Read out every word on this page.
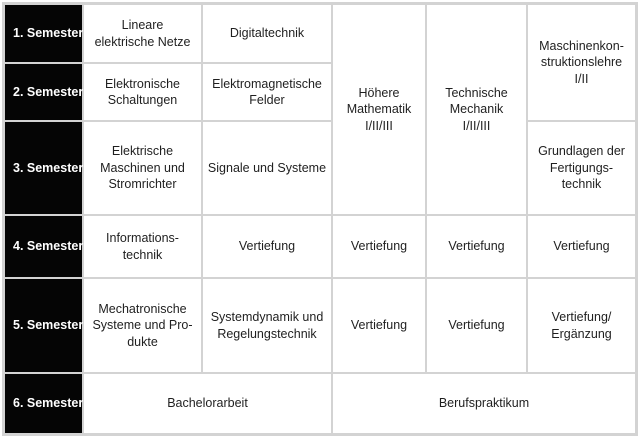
1. Semester
2. Semester
3. Semester
4. Semester
5. Semester
6. Semester
Lineare
elektrische Netze
Elektronische
Schaltungen
Elektrische
Maschinen und
Stromrichter
Informations-
technik
Mechatronische
Systeme und Pro-
dukte
Digitaltechnik
Elektromagnetische
Felder
Signale und Systeme
Vertiefung
Systemdynamik und
Regelungstechnik
Bachelorarbeit
Höhere
Mathematik
I/II/III
Vertiefung
Vertiefung
Technische
Mechanik
I/II/III
Vertiefung
Vertiefung
Maschinenkon-
struktionslehre
I/II
Grundlagen der
Fertigungs-
technik
Vertiefung
Vertiefung/
Ergänzung
Berufspraktikum
